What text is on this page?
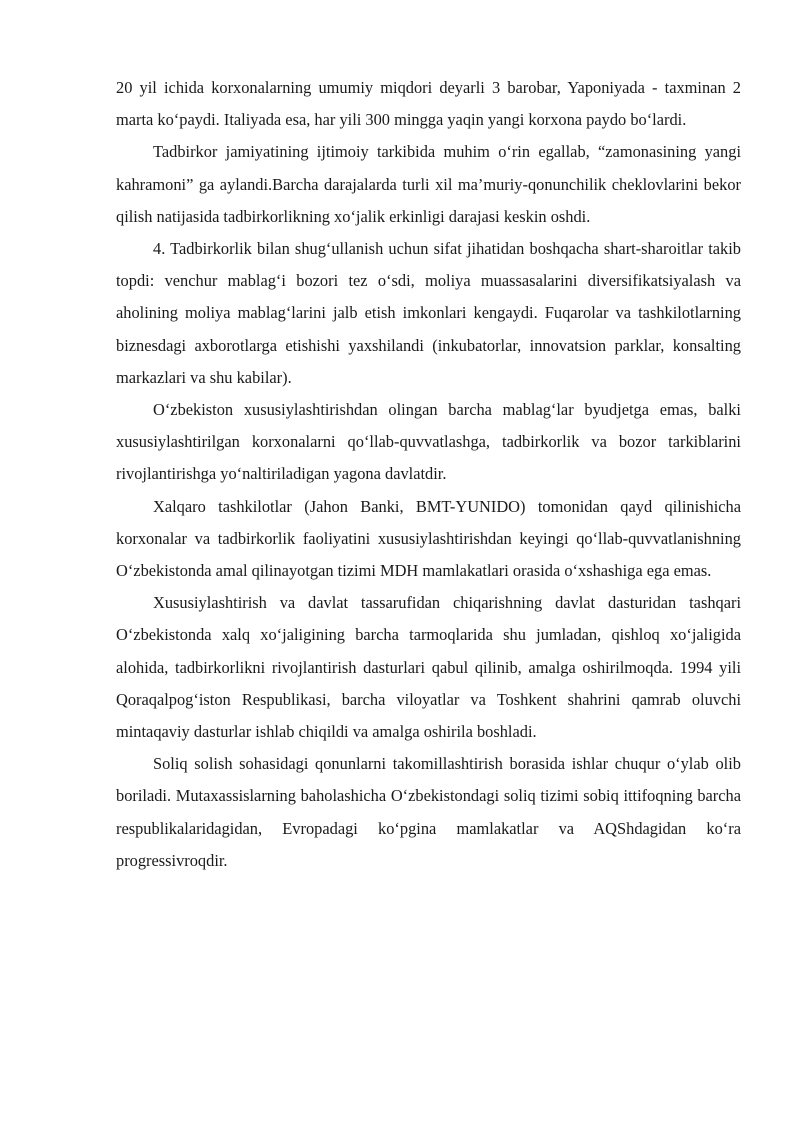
20 yil ichida korxonalarning umumiy miqdori deyarli 3 barobar, Yaponiyada - taxminan 2 marta ko‘paydi. Italiyada esa, har yili 300 mingga yaqin yangi korxona paydo bo‘lardi.

Tadbirkor jamiyatining ijtimoiy tarkibida muhim o‘rin egallab, “zamonasining yangi kahramoni” ga aylandi.Barcha darajalarda turli xil ma’muriy-qonunchilik cheklovlarini bekor qilish natijasida tadbirkorlikning xo‘jalik erkinligi darajasi keskin oshdi.

4. Tadbirkorlik bilan shug‘ullanish uchun sifat jihatidan boshqacha shart-sharoitlar takib topdi: venchur mablag‘i bozori tez o‘sdi, moliya muassasalarini diversifikatsiyalash va aholining moliya mablag‘larini jalb etish imkonlari kengaydi. Fuqarolar va tashkilotlarning biznesdagi axborotlarga etishishi yaxshilandi (inkubatorlar, innovatsion parklar, konsalting markazlari va shu kabilar).

O‘zbekiston xususiylashtirishdan olingan barcha mablag‘lar byudjetga emas, balki xususiylashtirilgan korxonalarni qo‘llab-quvvatlashga, tadbirkorlik va bozor tarkiblarini rivojlantirishga yo‘naltiriladigan yagona davlatdir.

Xalqaro tashkilotlar (Jahon Banki, BMT-YUNIDO) tomonidan qayd qilinishicha korxonalar va tadbirkorlik faoliyatini xususiylashtirishdan keyingi qo‘llab-quvvatlanishning O‘zbekistonda amal qilinayotgan tizimi MDH mamlakatlari orasida o‘xshashiga ega emas.

Xususiylashtirish va davlat tassarufidan chiqarishning davlat dasturidan tashqari O‘zbekistonda xalq xo‘jaligining barcha tarmoqlarida shu jumladan, qishloq xo‘jaligida alohida, tadbirkorlikni rivojlantirish dasturlari qabul qilinib, amalga oshirilmoqda. 1994 yili Qoraqalpog‘iston Respublikasi, barcha viloyatlar va Toshkent shahrini qamrab oluvchi mintaqaviy dasturlar ishlab chiqildi va amalga oshirila boshladi.

Soliq solish sohasidagi qonunlarni takomillashtirish borasida ishlar chuqur o‘ylab olib boriladi. Mutaxassislarning baholashicha O‘zbekistondagi soliq tizimi sobiq ittifoqning barcha respublikalaridagidan, Evropadagi ko‘pgina mamlakatlar va AQShdagidan ko‘ra progressivroqdir.
